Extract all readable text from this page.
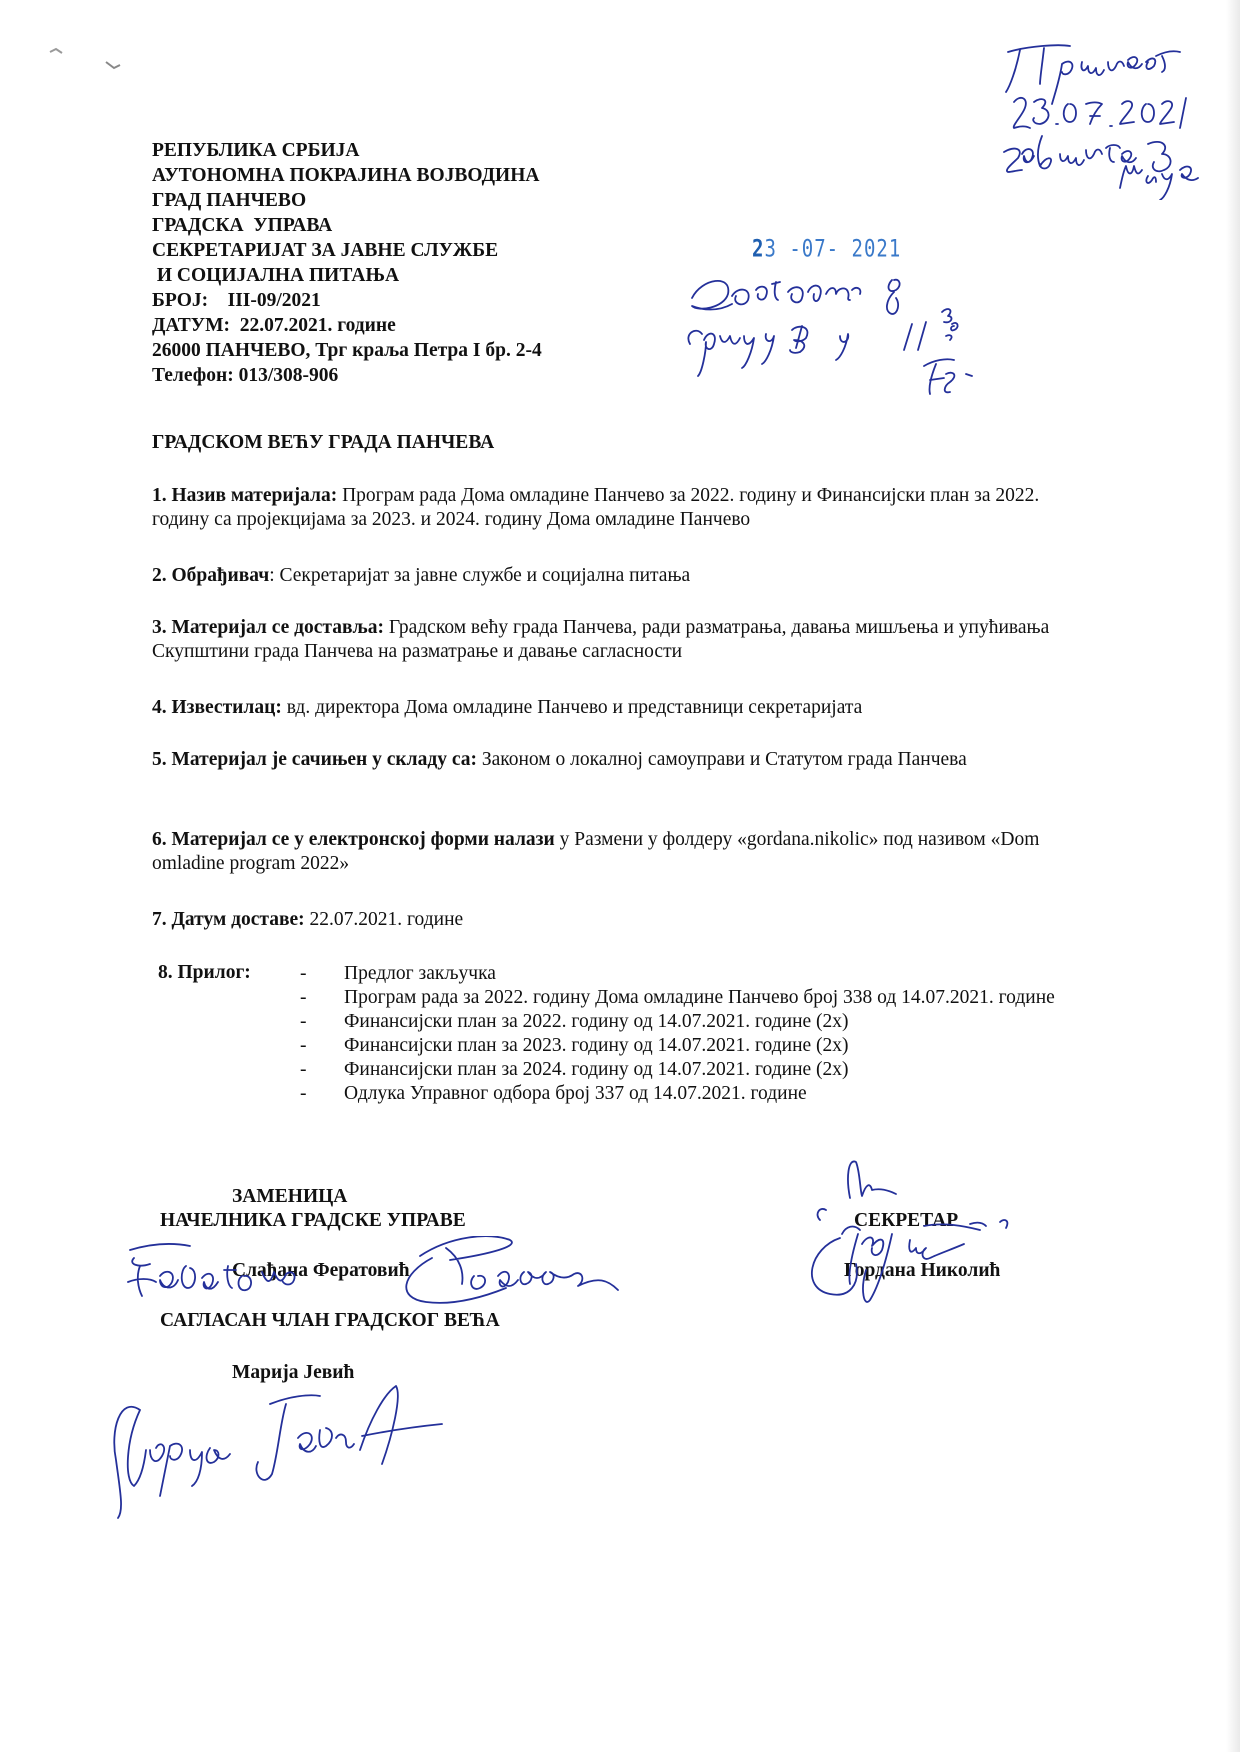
РЕПУБЛИКА СРБИЈА
АУТОНОМНА ПОКРАЈИНА ВОЈВОДИНА
ГРАД ПАНЧЕВО
ГРАДСКА  УПРАВА
СЕКРЕТАРИЈАТ ЗА ЈАВНЕ СЛУЖБЕ
И СОЦИЈАЛНА ПИТАЊА
БРОЈ:    III-09/2021
ДАТУМ:  22.07.2021. године
26000 ПАНЧЕВО, Трг краља Петра I бр. 2-4
Телефон: 013/308-906
23 -07- 2021
ГРАДСКОМ ВЕЋУ ГРАДА ПАНЧЕВА
1. Назив материјала: Програм рада Дома омладине Панчево за 2022. годину и Финансијски план за 2022. годину са пројекцијама за 2023. и 2024. годину Дома омладине Панчево
2. Обрађивач: Секретаријат за јавне службе и социјална питања
3. Материјал се доставља: Градском већу града Панчева, ради разматрања, давања мишљења и упућивања Скупштини града Панчева на разматрање и давање сагласности
4. Известилац: вд. директора Дома омладине Панчево и представници секретаријата
5. Материјал је сачињен у складу са: Законом о локалној самоуправи и Статутом града Панчева
6. Материјал се у електронској форми налази у Размени у фолдеру «gordana.nikolic» под називом «Dom omladine program 2022»
7. Датум доставе: 22.07.2021. године
8. Прилог:	-	Предлог закључка
-	Програм рада за 2022. годину Дома омладине Панчево број 338 од 14.07.2021. године
-	Финансијски план за 2022. годину од 14.07.2021. године (2x)
-	Финансијски план за 2023. годину од 14.07.2021. године (2x)
-	Финансијски план за 2024. годину од 14.07.2021. године (2x)
-	Одлука Управног одбора број 337 од 14.07.2021. године
ЗАМЕНИЦА
НАЧЕЛНИКА ГРАДСКЕ УПРАВЕ
Слађана Фератовић
САГЛАСАН ЧЛАН ГРАДСКОГ ВЕЋА
Марија Јевић
СЕКРЕТАР
Гордана Николић
